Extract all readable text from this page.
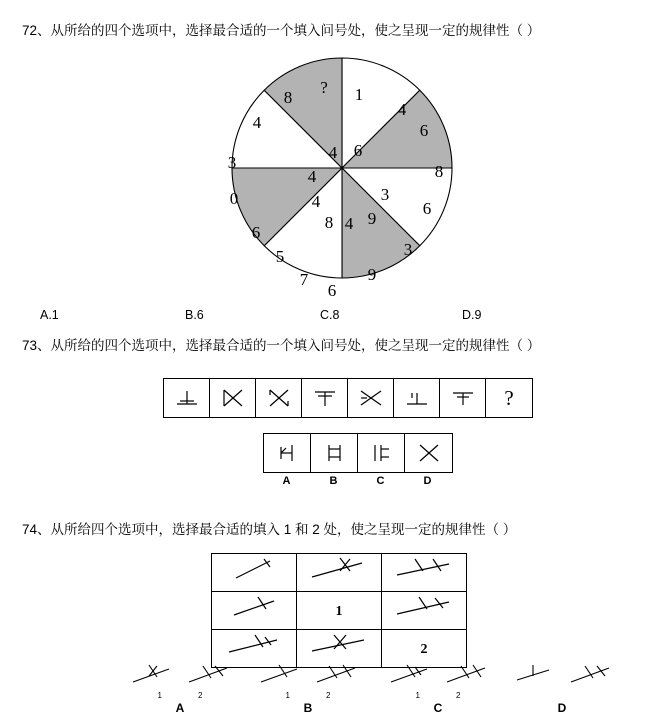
72、从所给的四个选项中，选择最合适的一个填入问号处，使之呈现一定的规律性（ ）
1
4
6
8
6
3
9
6
7
5
6
0
3
4
8
?
6
3
9
4
8
4
4
4
A.1	B.6	C.8	D.9
73、从所给的四个选项中，选择最合适的一个填入问号处，使之呈现一定的规律性（ ）
?
A	B	C	D
74、从所给四个选项中，选择最合适的填入 1 和 2 处，使之呈现一定的规律性（ ）

	1	
		2
1	2
A
1	2
B
1	2
C	D
